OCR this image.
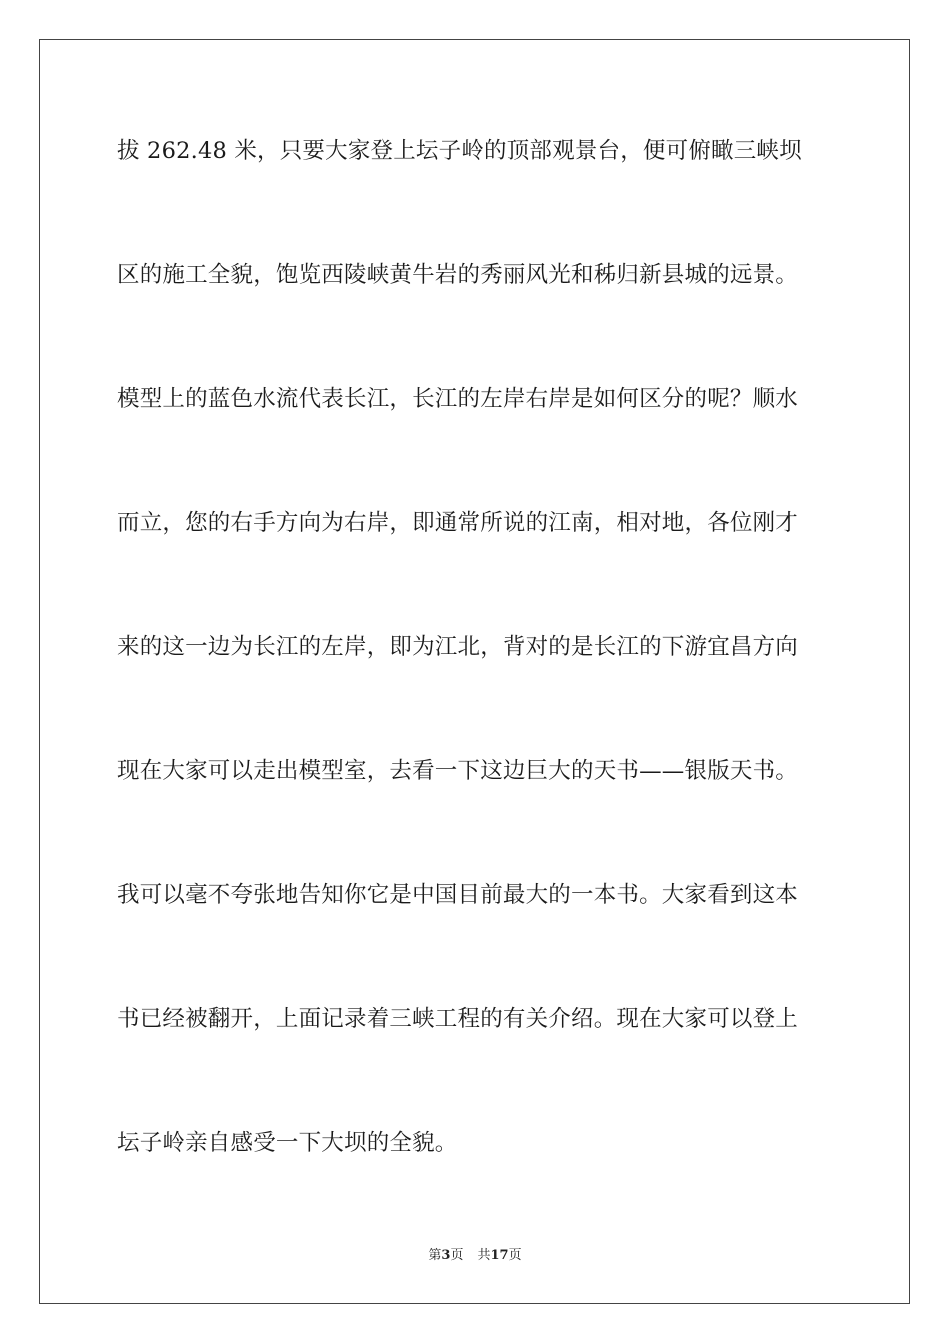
拔 262.48 米，只要大家登上坛子岭的顶部观景台，便可俯瞰三峡坝
区的施工全貌，饱览西陵峡黄牛岩的秀丽风光和秭归新县城的远景。
模型上的蓝色水流代表长江，长江的左岸右岸是如何区分的呢？顺水
而立，您的右手方向为右岸，即通常所说的江南，相对地，各位刚才
来的这一边为长江的左岸，即为江北，背对的是长江的下游宜昌方向
现在大家可以走出模型室，去看一下这边巨大的天书——银版天书。
我可以毫不夸张地告知你它是中国目前最大的一本书。大家看到这本
书已经被翻开，上面记录着三峡工程的有关介绍。现在大家可以登上
坛子岭亲自感受一下大坝的全貌。
第3页 共17页
